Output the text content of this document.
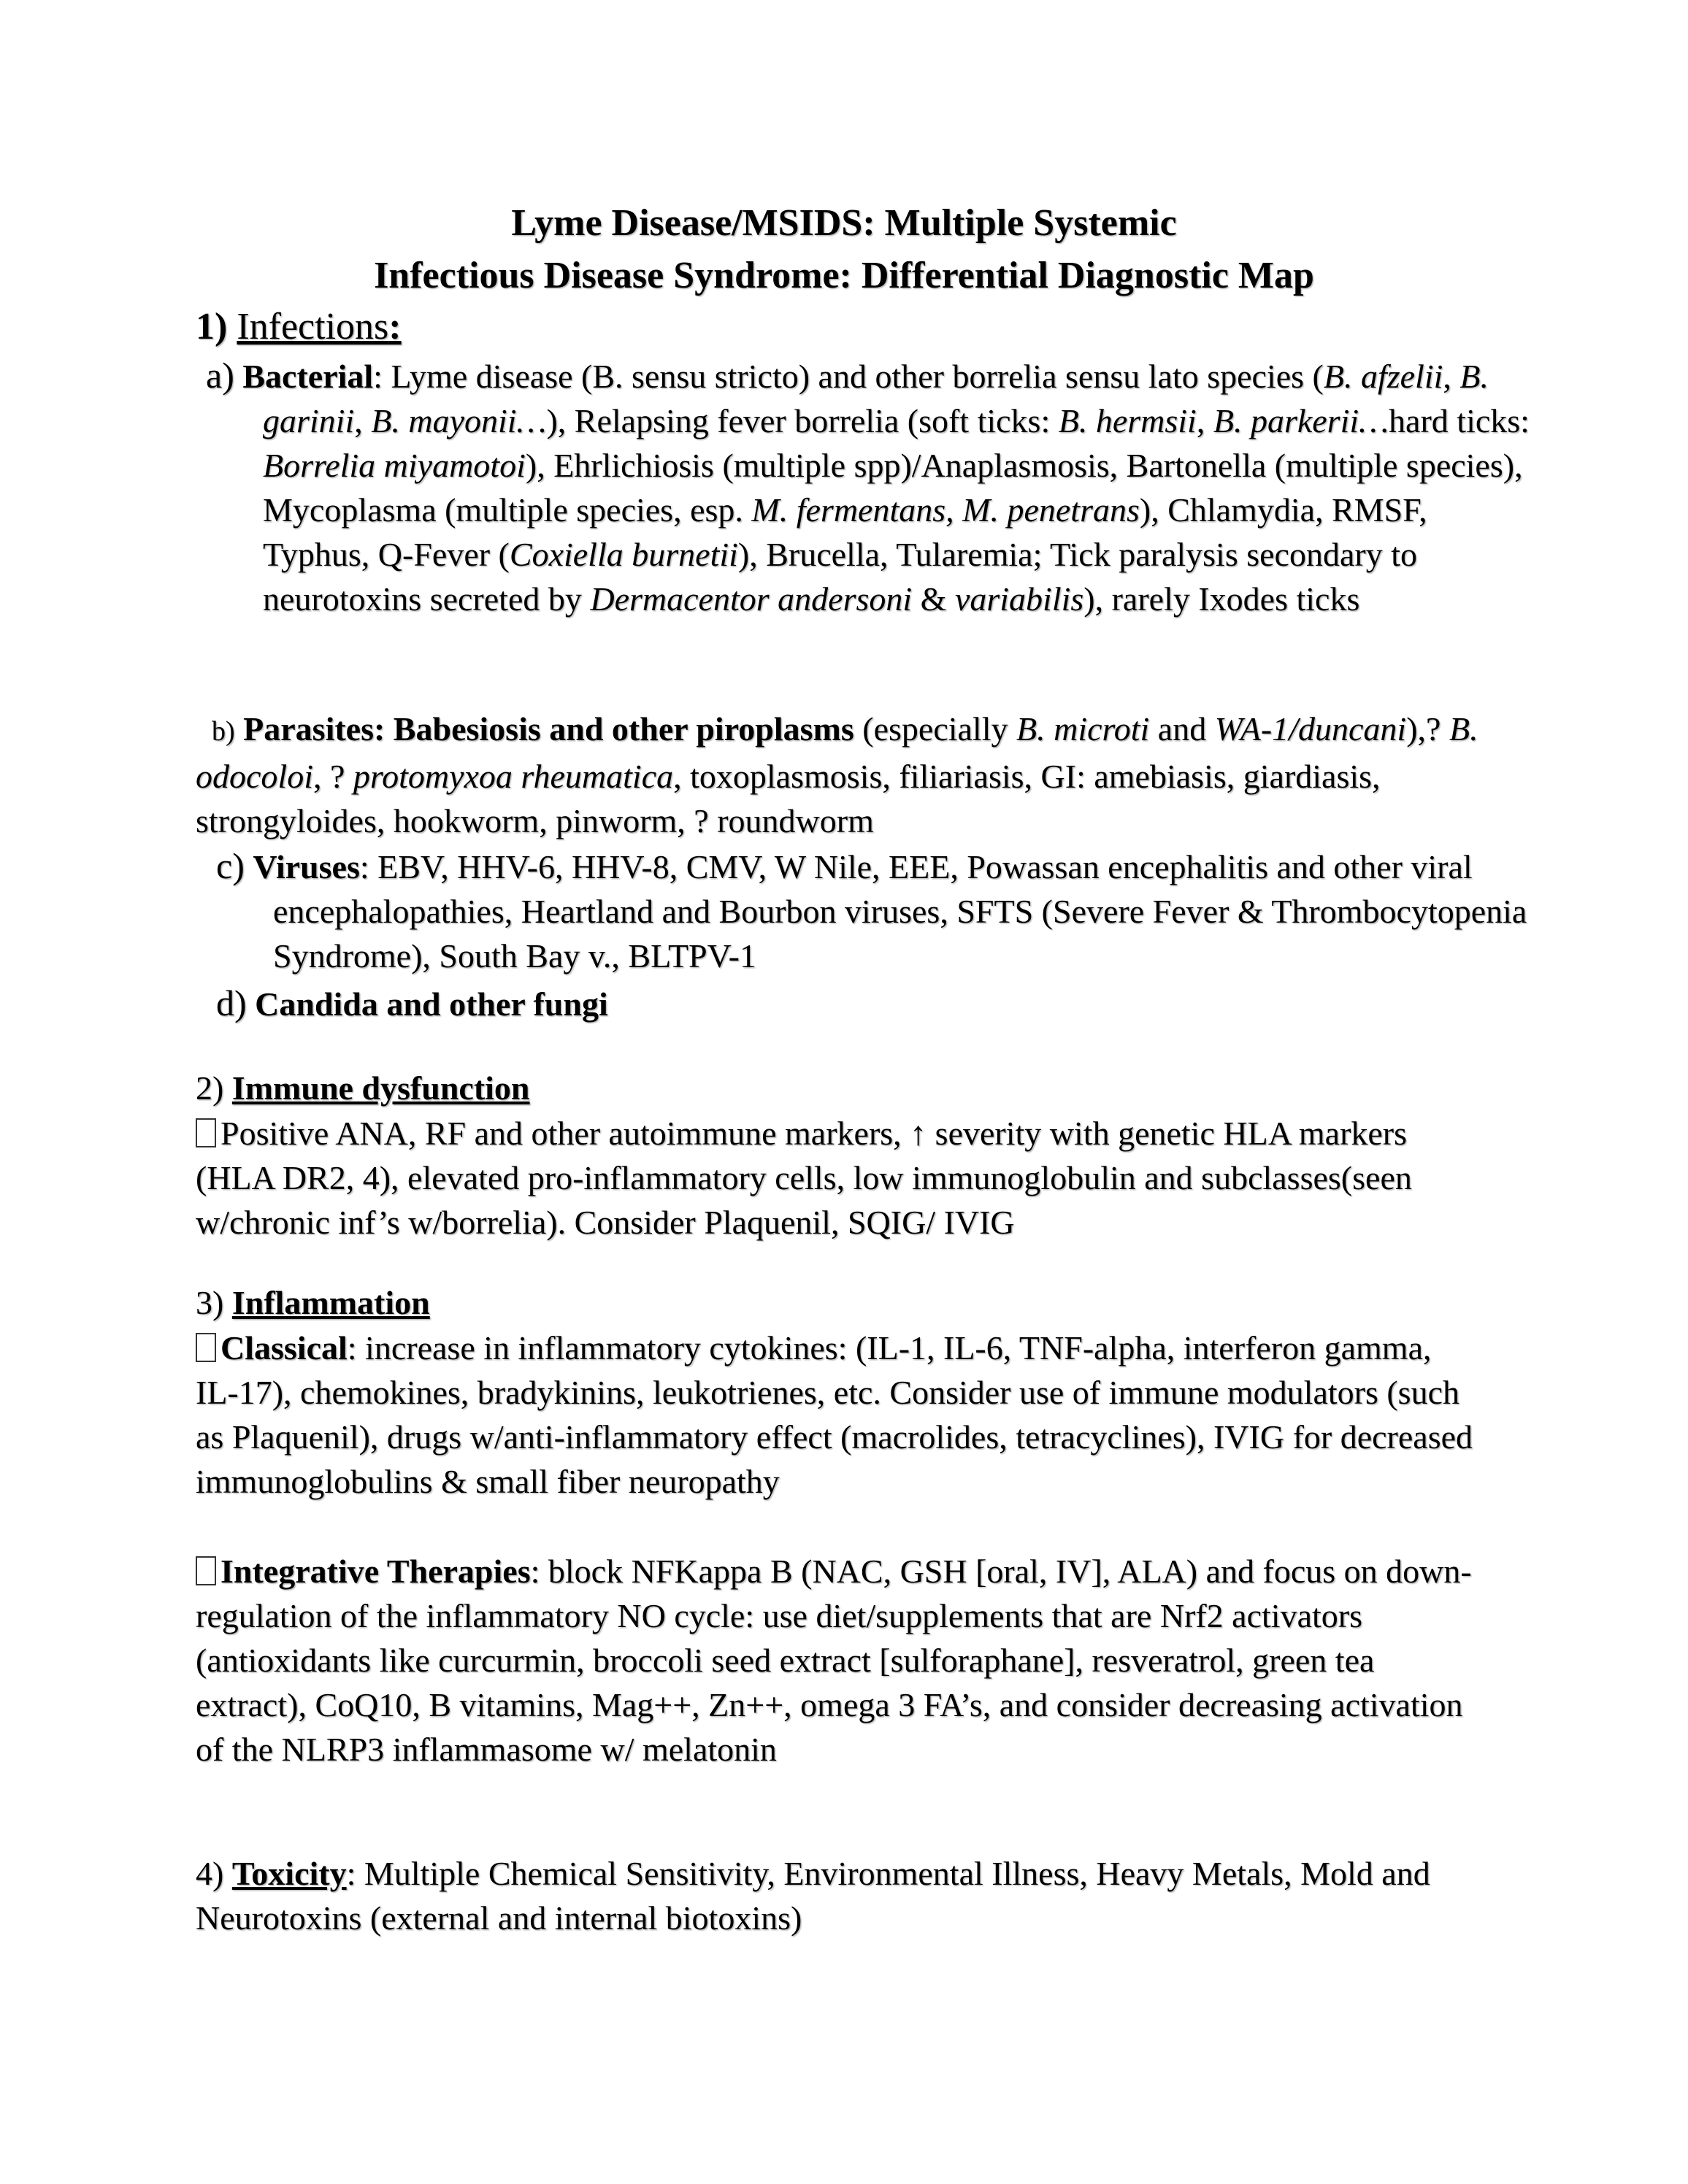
Lyme Disease/MSIDS: Multiple Systemic
Infectious Disease Syndrome: Differential Diagnostic Map
1) Infections:
a) Bacterial: Lyme disease (B. sensu stricto) and other borrelia sensu lato species (B. afzelii, B. garinii, B. mayonii…), Relapsing fever borrelia (soft ticks: B. hermsii, B. parkerii…hard ticks: Borrelia miyamotoi), Ehrlichiosis (multiple spp)/Anaplasmosis, Bartonella (multiple species), Mycoplasma (multiple species, esp. M. fermentans, M. penetrans), Chlamydia, RMSF, Typhus, Q-Fever (Coxiella burnetii), Brucella, Tularemia; Tick paralysis secondary to neurotoxins secreted by Dermacentor andersoni & variabilis), rarely Ixodes ticks
b) Parasites: Babesiosis and other piroplasms (especially B. microti and WA-1/duncani),? B. odocoloi, ? protomyxoa rheumatica, toxoplasmosis, filiariasis, GI: amebiasis, giardiasis, strongyloides, hookworm, pinworm, ? roundworm
c) Viruses: EBV, HHV-6, HHV-8, CMV, W Nile, EEE, Powassan encephalitis and other viral encephalopathies, Heartland and Bourbon viruses, SFTS (Severe Fever & Thrombocytopenia Syndrome), South Bay v., BLTPV-1
d) Candida and other fungi
2) Immune dysfunction
Positive ANA, RF and other autoimmune markers, ↑ severity with genetic HLA markers (HLA DR2, 4), elevated pro-inflammatory cells, low immunoglobulin and subclasses(seen w/chronic inf’s w/borrelia). Consider Plaquenil, SQIG/ IVIG
3) Inflammation
Classical: increase in inflammatory cytokines: (IL-1, IL-6, TNF-alpha, interferon gamma, IL-17), chemokines, bradykinins, leukotrienes, etc. Consider use of immune modulators (such as Plaquenil), drugs w/anti-inflammatory effect (macrolides, tetracyclines), IVIG for decreased immunoglobulins & small fiber neuropathy
Integrative Therapies: block NFKappa B (NAC, GSH [oral, IV], ALA) and focus on down-regulation of the inflammatory NO cycle: use diet/supplements that are Nrf2 activators (antioxidants like curcurmin, broccoli seed extract [sulforaphane], resveratrol, green tea extract), CoQ10, B vitamins, Mag++, Zn++, omega 3 FA’s, and consider decreasing activation of the NLRP3 inflammasome w/ melatonin
4) Toxicity: Multiple Chemical Sensitivity, Environmental Illness, Heavy Metals, Mold and Neurotoxins (external and internal biotoxins)
